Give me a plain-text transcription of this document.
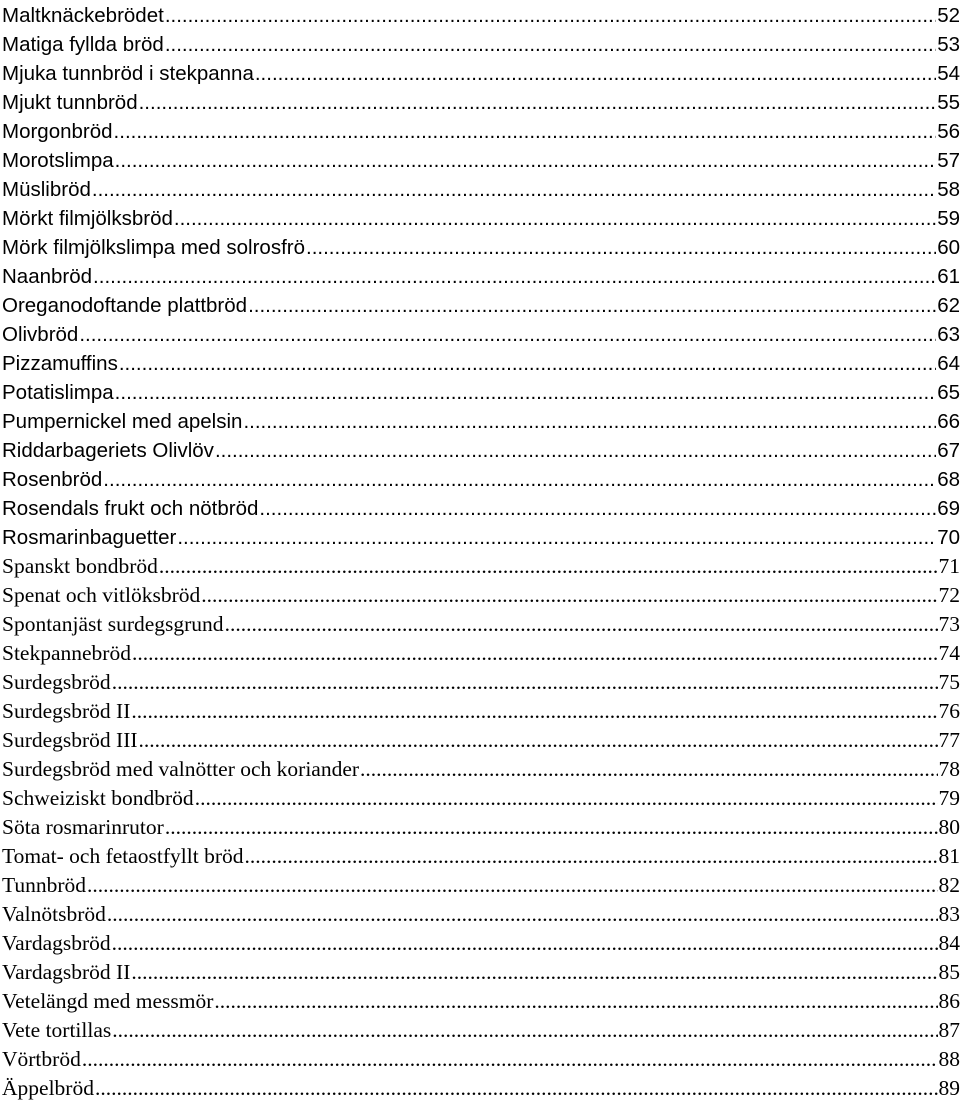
Maltknäckebrödet .....	52
Matiga fyllda bröd .....	53
Mjuka tunnbröd i stekpanna .....	54
Mjukt tunnbröd .....	55
Morgonbröd .....	56
Morotslimpa .....	57
Müslibröd .....	58
Mörkt filmjölksbröd .....	59
Mörk filmjölkslimpa med solrosfrö .....	60
Naanbröd .....	61
Oreganodoftande plattbröd .....	62
Olivbröd .....	63
Pizzamuffins .....	64
Potatislimpa .....	65
Pumpernickel med apelsin .....	66
Riddarbageriets Olivlöv .....	67
Rosenbröd .....	68
Rosendals frukt och nötbröd .....	69
Rosmarinbaguetter .....	70
Spanskt bondbröd .....	71
Spenat och vitlöksbröd .....	72
Spontanjäst surdegsgrund .....	73
Stekpannebröd .....	74
Surdegsbröd .....	75
Surdegsbröd II .....	76
Surdegsbröd III .....	77
Surdegsbröd med valnötter och koriander .....	78
Schweiziskt bondbröd .....	79
Söta rosmarinrutor .....	80
Tomat- och fetaostfyllt bröd .....	81
Tunnbröd .....	82
Valnötsbröd .....	83
Vardagsbröd .....	84
Vardagsbröd II .....	85
Vetelängd med messmör .....	86
Vete tortillas .....	87
Vörtbröd .....	88
Äppelbröd .....	89
